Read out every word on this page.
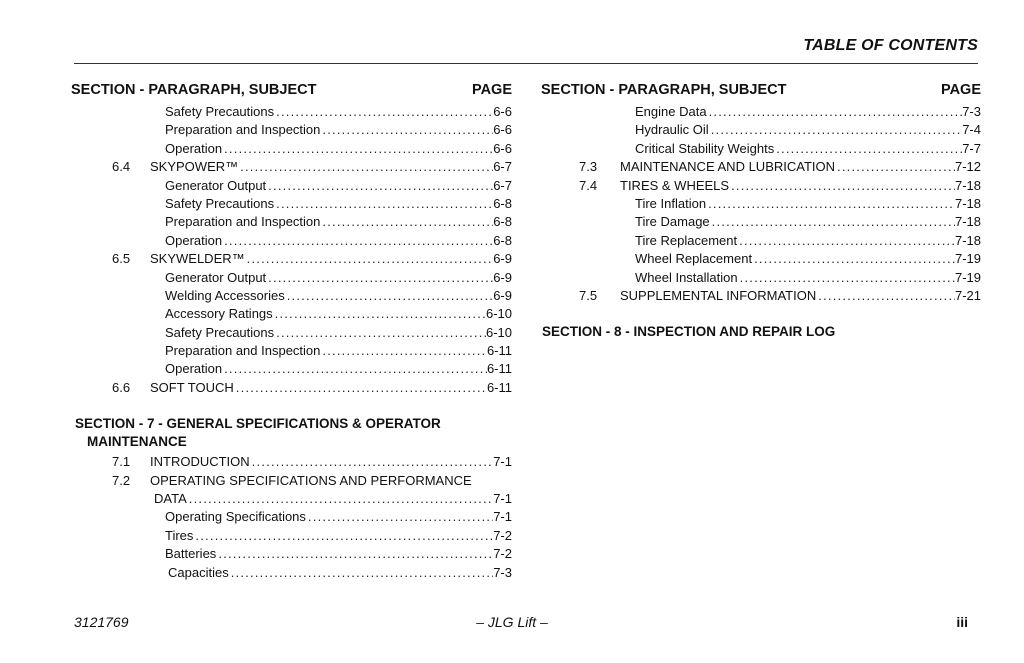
TABLE OF CONTENTS
SECTION - PARAGRAPH, SUBJECT	PAGE
Safety Precautions . . .	6-6
Preparation and Inspection . . .	6-6
Operation . . .	6-6
6.4 SKYPOWER™ . . .	6-7
Generator Output . . .	6-7
Safety Precautions . . .	6-8
Preparation and Inspection . . .	6-8
Operation . . .	6-8
6.5 SKYWELDER™ . . .	6-9
Generator Output . . .	6-9
Welding Accessories . . .	6-9
Accessory Ratings . . .	6-10
Safety Precautions . . .	6-10
Preparation and Inspection . . .	6-11
Operation . . .	6-11
6.6 SOFT TOUCH . . .	6-11
SECTION - 7 - GENERAL SPECIFICATIONS & OPERATOR
MAINTENANCE
7.1 INTRODUCTION . . .	7-1
7.2 OPERATING SPECIFICATIONS AND PERFORMANCE
DATA . . .	7-1
Operating Specifications . . .	7-1
Tires . . .	7-2
Batteries . . .	7-2
Capacities . . .	7-3
SECTION - PARAGRAPH, SUBJECT	PAGE
Engine Data . . .	7-3
Hydraulic Oil . . .	7-4
Critical Stability Weights . . .	7-7
7.3 MAINTENANCE AND LUBRICATION . . .	7-12
7.4 TIRES & WHEELS . . .	7-18
Tire Inflation . . .	7-18
Tire Damage . . .	7-18
Tire Replacement . . .	7-18
Wheel Replacement . . .	7-19
Wheel Installation . . .	7-19
7.5 SUPPLEMENTAL INFORMATION . . .	7-21
SECTION - 8 - INSPECTION AND REPAIR LOG
3121769	– JLG Lift –	iii
